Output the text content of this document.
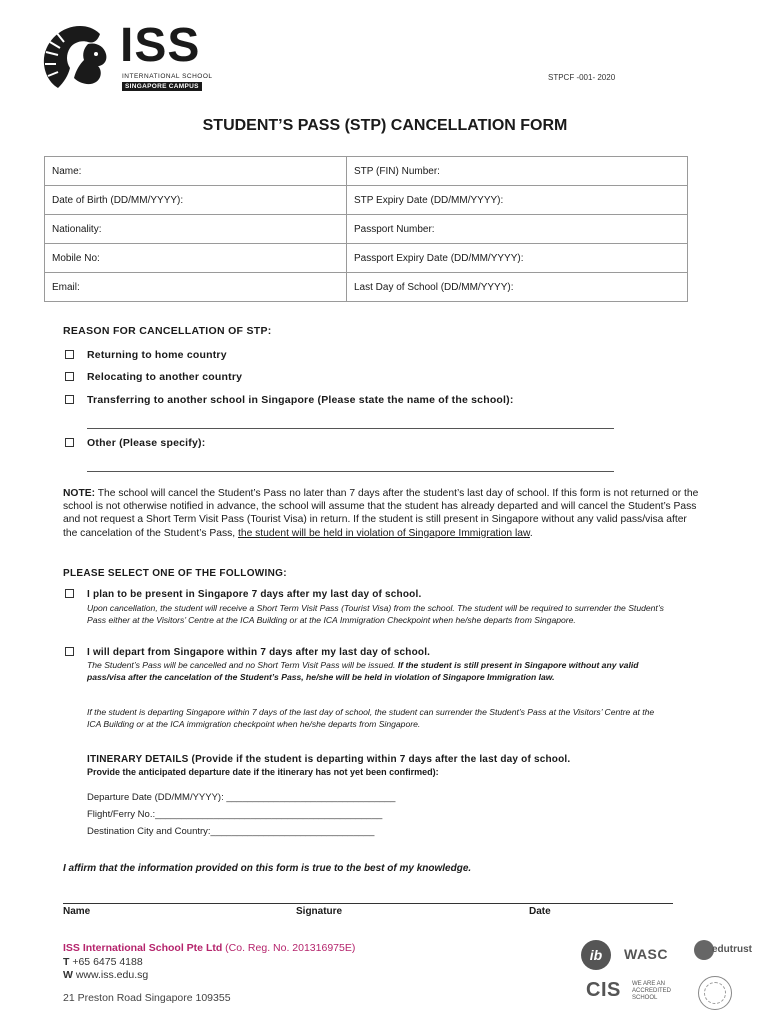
ISS
INTERNATIONAL SCHOOL
SINGAPORE CAMPUS
STPCF -001- 2020
STUDENT’S PASS (STP) CANCELLATION FORM
Name:	STP (FIN) Number:
Date of Birth (DD/MM/YYYY):	STP Expiry Date (DD/MM/YYYY):
Nationality:	Passport Number:
Mobile No:	Passport Expiry Date (DD/MM/YYYY):
Email:	Last Day of School (DD/MM/YYYY):
REASON FOR CANCELLATION OF STP:
Returning to home country
Relocating to another country
Transferring to another school in Singapore (Please state the name of the school):
Other (Please specify):
NOTE: The school will cancel the Student’s Pass no later than 7 days after the student’s last day of school. If this form is not returned or the school is not otherwise notified in advance, the school will assume that the student has already departed and will cancel the Student’s Pass and not request a Short Term Visit Pass (Tourist Visa) in return. If the student is still present in Singapore without any valid pass/visa after the cancelation of the Student’s Pass, the student will be held in violation of Singapore Immigration law.
PLEASE SELECT ONE OF THE FOLLOWING:
I plan to be present in Singapore 7 days after my last day of school.
Upon cancellation, the student will receive a Short Term Visit Pass (Tourist Visa) from the school. The student will be required to surrender the Student’s Pass either at the Visitors’ Centre at the ICA Building or at the ICA Immigration Checkpoint when he/she departs from Singapore.
I will depart from Singapore within 7 days after my last day of school.
The Student’s Pass will be cancelled and no Short Term Visit Pass will be issued. If the student is still present in Singapore without any valid pass/visa after the cancelation of the Student’s Pass, he/she will be held in violation of Singapore Immigration law.
If the student is departing Singapore within 7 days of the last day of school, the student can surrender the Student’s Pass at the Visitors’ Centre at the ICA Building or at the ICA immigration checkpoint when he/she departs from Singapore.
ITINERARY DETAILS (Provide if the student is departing within 7 days after the last day of school.
Provide the anticipated departure date if the itinerary has not yet been confirmed):
Departure Date (DD/MM/YYYY): ________________________________
Flight/Ferry No.:___________________________________________
Destination City and Country:_______________________________
I affirm that the information provided on this form is true to the best of my knowledge.
Name	Signature	Date
ISS International School Pte Ltd (Co. Reg. No. 201316975E)
T +65 6475 4188
W www.iss.edu.sg
21 Preston Road Singapore 109355
ib	WASC	edutrust
CIS WE ARE AN ACCREDITED SCHOOL
